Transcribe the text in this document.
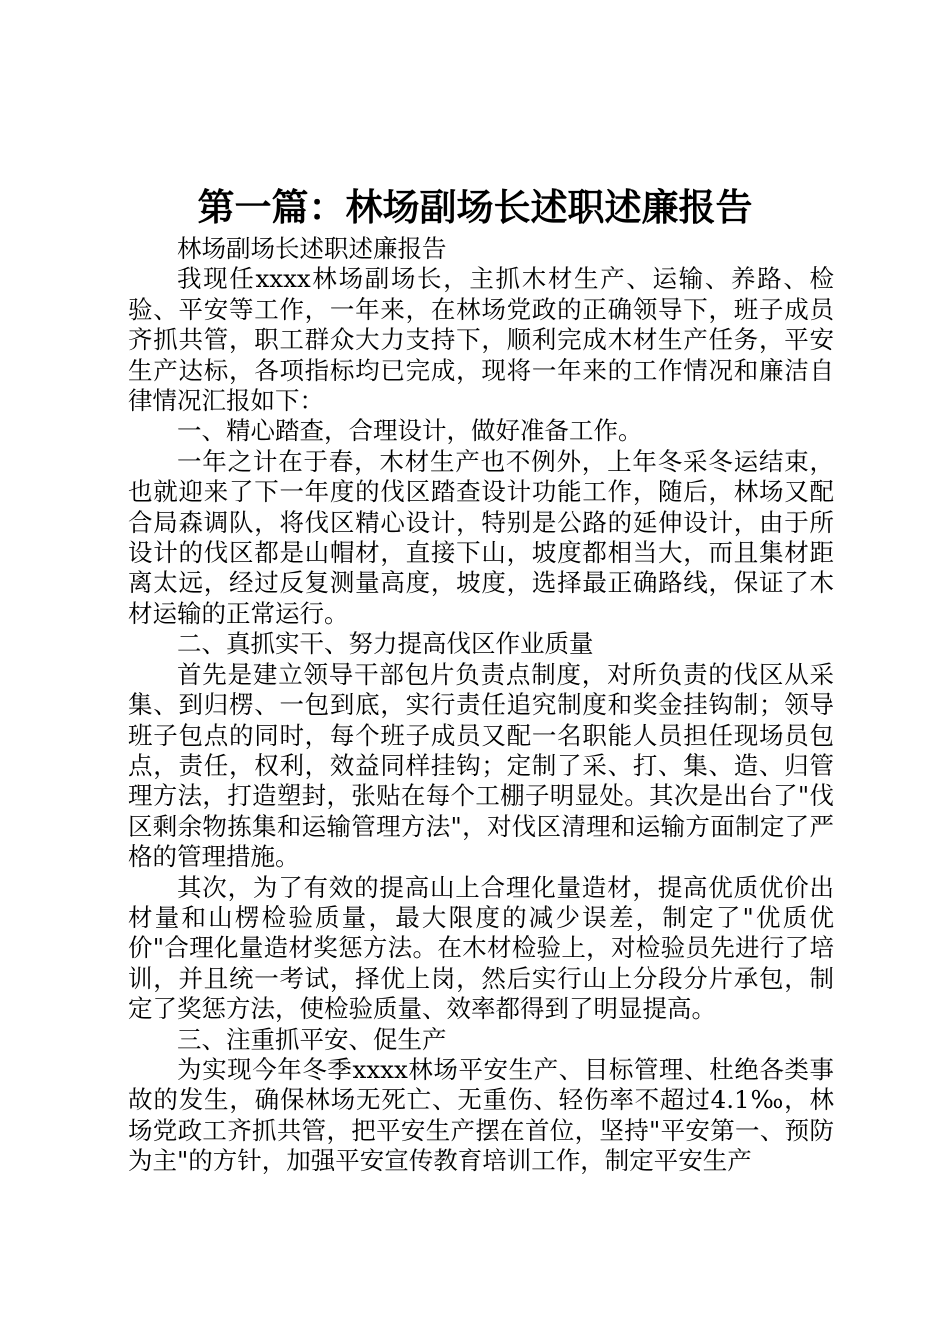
第一篇：林场副场长述职述廉报告

林场副场长述职述廉报告

我现任xxxx林场副场长，主抓木材生产、运输、养路、检验、平安等工作，一年来，在林场党政的正确领导下，班子成员齐抓共管，职工群众大力支持下，顺利完成木材生产任务，平安生产达标，各项指标均已完成，现将一年来的工作情况和廉洁自律情况汇报如下：

一、精心踏查，合理设计，做好准备工作。

一年之计在于春，木材生产也不例外，上年冬采冬运结束，也就迎来了下一年度的伐区踏查设计功能工作，随后，林场又配合局森调队，将伐区精心设计，特别是公路的延伸设计，由于所设计的伐区都是山帽材，直接下山，坡度都相当大，而且集材距离太远，经过反复测量高度，坡度，选择最正确路线，保证了木材运输的正常运行。

二、真抓实干、努力提高伐区作业质量

首先是建立领导干部包片负责点制度，对所负责的伐区从采集、到归楞、一包到底，实行责任追究制度和奖金挂钩制；领导班子包点的同时，每个班子成员又配一名职能人员担任现场员包点，责任，权利，效益同样挂钩；定制了采、打、集、造、归管理方法，打造塑封，张贴在每个工棚子明显处。其次是出台了"伐区剩余物拣集和运输管理方法"，对伐区清理和运输方面制定了严格的管理措施。

其次，为了有效的提高山上合理化量造材，提高优质优价出材量和山楞检验质量，最大限度的减少误差，制定了"优质优价"合理化量造材奖惩方法。在木材检验上，对检验员先进行了培训，并且统一考试，择优上岗，然后实行山上分段分片承包，制定了奖惩方法，使检验质量、效率都得到了明显提高。

三、注重抓平安、促生产

为实现今年冬季xxxx林场平安生产、目标管理、杜绝各类事故的发生，确保林场无死亡、无重伤、轻伤率不超过4.1‰，林场党政工齐抓共管，把平安生产摆在首位，坚持"平安第一、预防为主"的方针，加强平安宣传教育培训工作，制定平安生产
